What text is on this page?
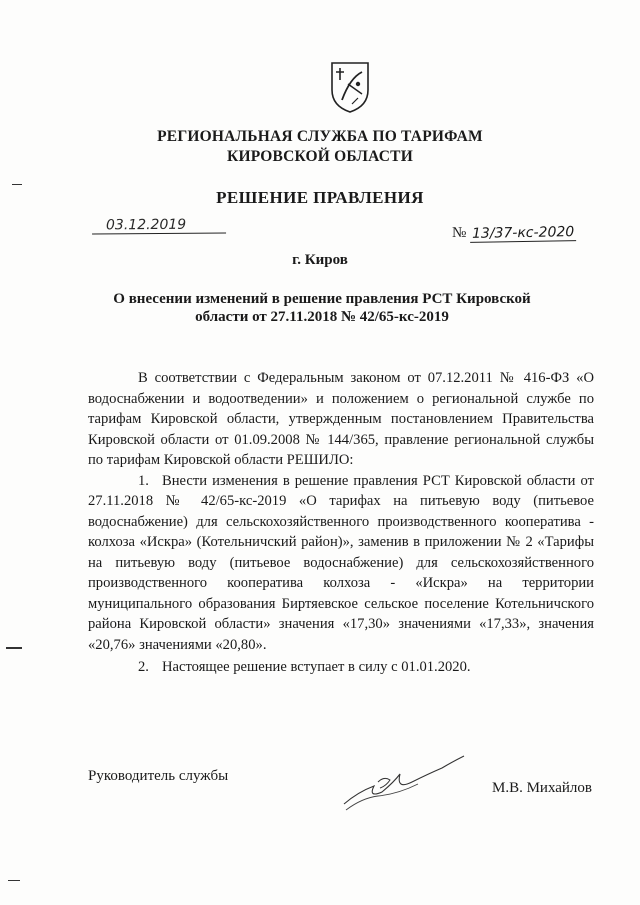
РЕГИОНАЛЬНАЯ СЛУЖБА ПО ТАРИФАМ
КИРОВСКОЙ ОБЛАСТИ
РЕШЕНИЕ ПРАВЛЕНИЯ
03.12.2019	№ 13/37-кс-2020
г. Киров
О внесении изменений в решение правления РСТ Кировской области от 27.11.2018 № 42/65-кс-2019

В соответствии с Федеральным законом от 07.12.2011 № 416-ФЗ «О водоснабжении и водоотведении» и положением о региональной службе по тарифам Кировской области, утвержденным постановлением Правительства Кировской области от 01.09.2008 № 144/365, правление региональной службы по тарифам Кировской области РЕШИЛО:

1. Внести изменения в решение правления РСТ Кировской области от 27.11.2018 № 42/65-кс-2019 «О тарифах на питьевую воду (питьевое водоснабжение) для сельскохозяйственного производственного кооператива - колхоза «Искра» (Котельничский район)», заменив в приложении № 2 «Тарифы на питьевую воду (питьевое водоснабжение) для сельскохозяйственного производственного кооператива колхоза - «Искра» на территории муниципального образования Биртяевское сельское поселение Котельничского района Кировской области» значения «17,30» значениями «17,33», значения «20,76» значениями «20,80».

2. Настоящее решение вступает в силу с 01.01.2020.

Руководитель службы
М.В. Михайлов
